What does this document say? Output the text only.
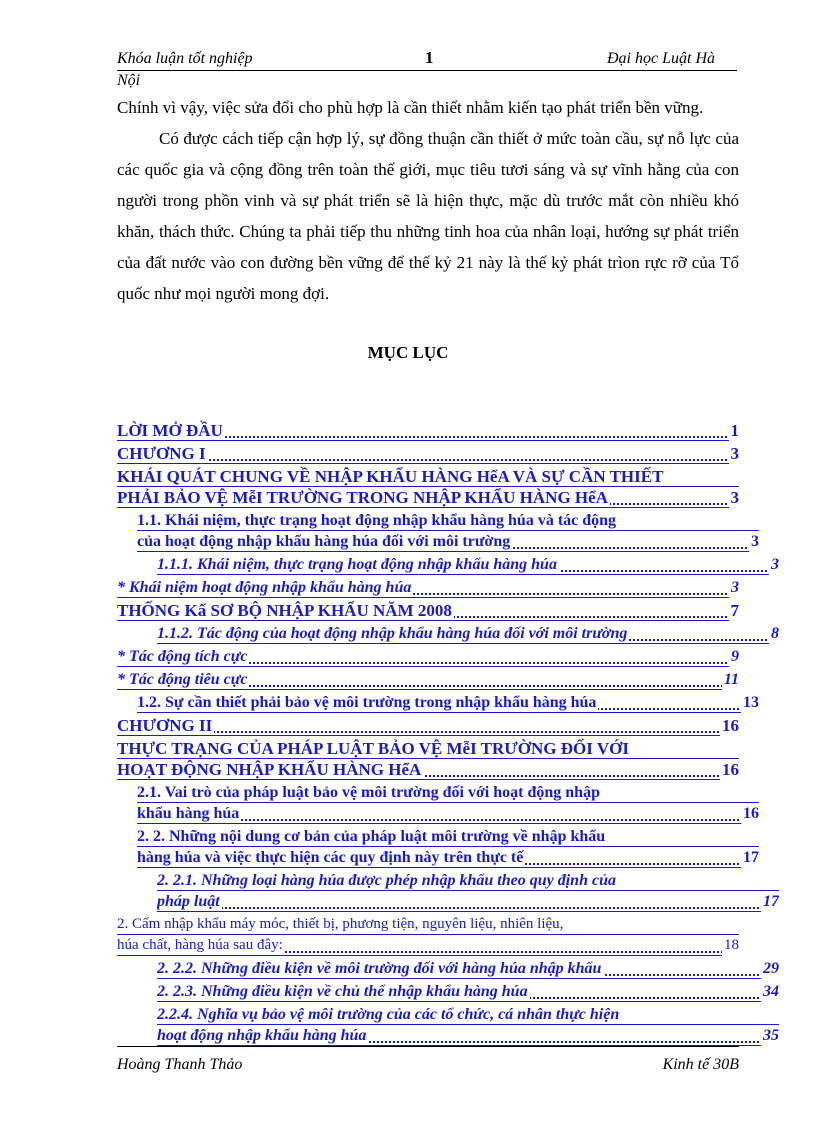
Khóa luận tốt nghiệp	1	Đại học Luật Hà
Nội

Chính vì vậy, việc sửa đổi cho phù hợp là cần thiết nhằm kiến tạo phát triển bền vững.

Có được cách tiếp cận hợp lý, sự đồng thuận cần thiết ở mức toàn cầu, sự nỗ lực của các quốc gia và cộng đồng trên toàn thế giới, mục tiêu tươi sáng và sự vĩnh hằng của con người trong phồn vinh và sự phát triển sẽ là hiện thực, mặc dù trước mắt còn nhiều khó khăn, thách thức. Chúng ta phải tiếp thu những tinh hoa của nhân loại, hướng sự phát triển của đất nước vào con đường bền vững để thế kỷ 21 này là thế kỷ phát trìon rực rỡ của Tổ quốc như mọi người mong đợi.

MỤC LỤC
LỜI MỞ ĐẦU	1
CHƯƠNG I	3
KHÁI QUÁT CHUNG VỀ NHẬP KHẨU HÀNG HểA VÀ SỰ CẦN THIẾT
PHẢI BẢO VỆ MễI TRƯỜNG TRONG NHẬP KHẨU HÀNG HểA	3
1.1. Khái niệm, thực trạng hoạt động nhập khẩu hàng húa và tác động
của hoạt động nhập khẩu hàng húa đối với môi trường	3
1.1.1. Khái niệm, thực trạng hoạt động nhập khẩu hàng húa	3
* Khái niệm hoạt động nhập khẩu hàng húa	3
THỐNG Kấ SƠ BỘ NHẬP KHẨU NĂM 2008	7
1.1.2. Tác động của hoạt động nhập khẩu hàng húa đối với môi trường	8
* Tác động tích cực	9
* Tác động tiêu cực	11
1.2. Sự cần thiết phải bảo vệ môi trường trong nhập khẩu hàng húa	13
CHƯƠNG II	16
THỰC TRẠNG CỦA PHÁP LUẬT BẢO VỆ MễI TRƯỜNG ĐỐI VỚI
HOẠT ĐỘNG NHẬP KHẨU HÀNG HểA	16
2.1. Vai trò của pháp luật bảo vệ môi trường đối với hoạt động nhập
khẩu hàng húa	16
2. 2. Những nội dung cơ bản của pháp luật môi trường về nhập khẩu
hàng húa và việc thực hiện các quy định này trên thực tế	17
2. 2.1. Những loại hàng húa được phép nhập khẩu theo quy định của
pháp luật	17
2. Cấm nhập khẩu máy móc, thiết bị, phương tiện, nguyên liệu, nhiên liệu,
húa chất, hàng húa sau đây:	18
2. 2.2. Những điều kiện về môi trường đối với hàng húa nhập khẩu	29
2. 2.3. Những điều kiện về chủ thể nhập khẩu hàng húa	34
2.2.4. Nghĩa vụ bảo vệ môi trường của các tổ chức, cá nhân thực hiện
hoạt động nhập khẩu hàng húa	35
Hoàng Thanh Thảo	Kinh tế 30B
